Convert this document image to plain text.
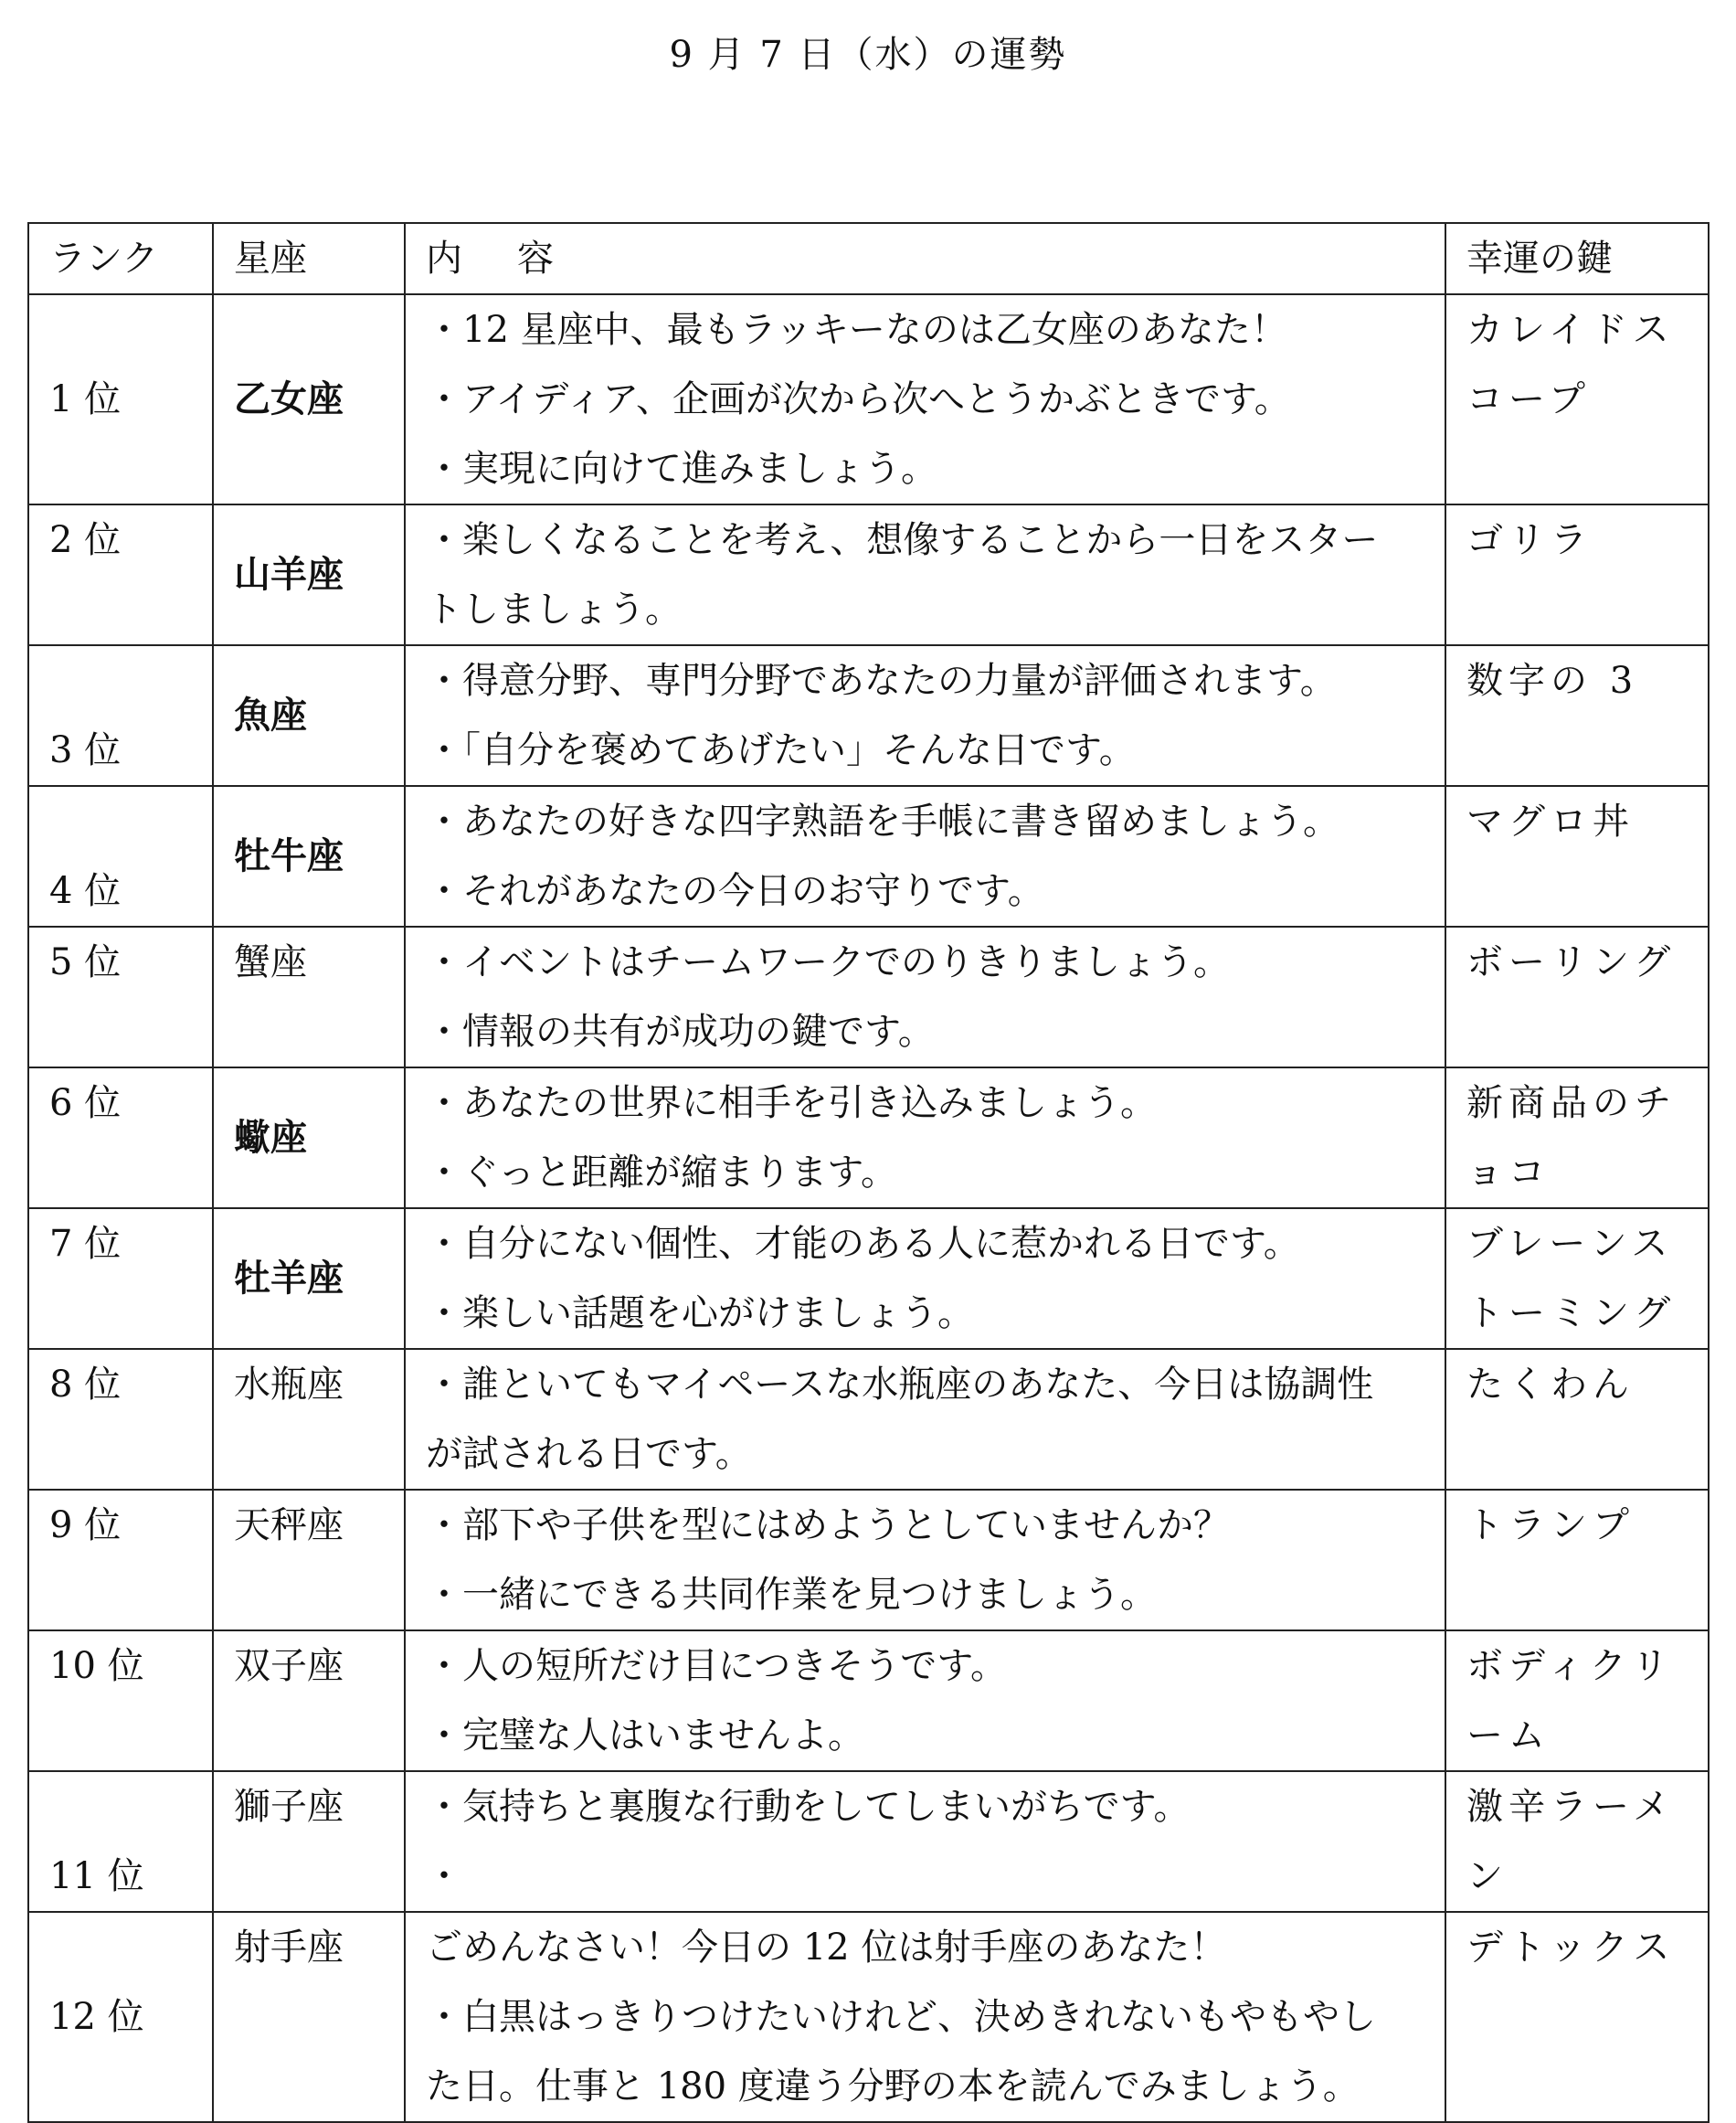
9 月 7 日（水）の運勢
ランク	星座	内容	幸運の鍵
1 位	乙女座	・12 星座中、最もラッキーなのは乙女座のあなた！
・アイディア、企画が次から次へとうかぶときです。
・実現に向けて進みましょう。	カレイドス
コープ

2 位	山羊座	・楽しくなることを考え、想像することから一日をスター
トしましょう。	ゴリラ

3 位	魚座	・得意分野、専門分野であなたの力量が評価されます。
・「自分を褒めてあげたい」そんな日です。	数字の 3

4 位	牡牛座	・あなたの好きな四字熟語を手帳に書き留めましょう。
・それがあなたの今日のお守りです。	マグロ丼

5 位	蟹座	・イベントはチームワークでのりきりましょう。
・情報の共有が成功の鍵です。	ボーリング

6 位	蠍座	・あなたの世界に相手を引き込みましょう。
・ぐっと距離が縮まります。	新商品のチ
ョコ

7 位	牡羊座	・自分にない個性、才能のある人に惹かれる日です。
・楽しい話題を心がけましょう。	ブレーンス
トーミング

8 位	水瓶座	・誰といてもマイペースな水瓶座のあなた、今日は協調性
が試される日です。	たくわん

9 位	天秤座	・部下や子供を型にはめようとしていませんか？
・一緒にできる共同作業を見つけましょう。	トランプ

10 位	双子座	・人の短所だけ目につきそうです。
・完璧な人はいませんよ。	ボディクリ
ーム

11 位	獅子座	・気持ちと裏腹な行動をしてしまいがちです。
・	激辛ラーメ
ン

12 位	射手座	ごめんなさい！今日の 12 位は射手座のあなた！
・白黒はっきりつけたいけれど、決めきれないもやもやし
た日。仕事と 180 度違う分野の本を読んでみましょう。	デトックス
